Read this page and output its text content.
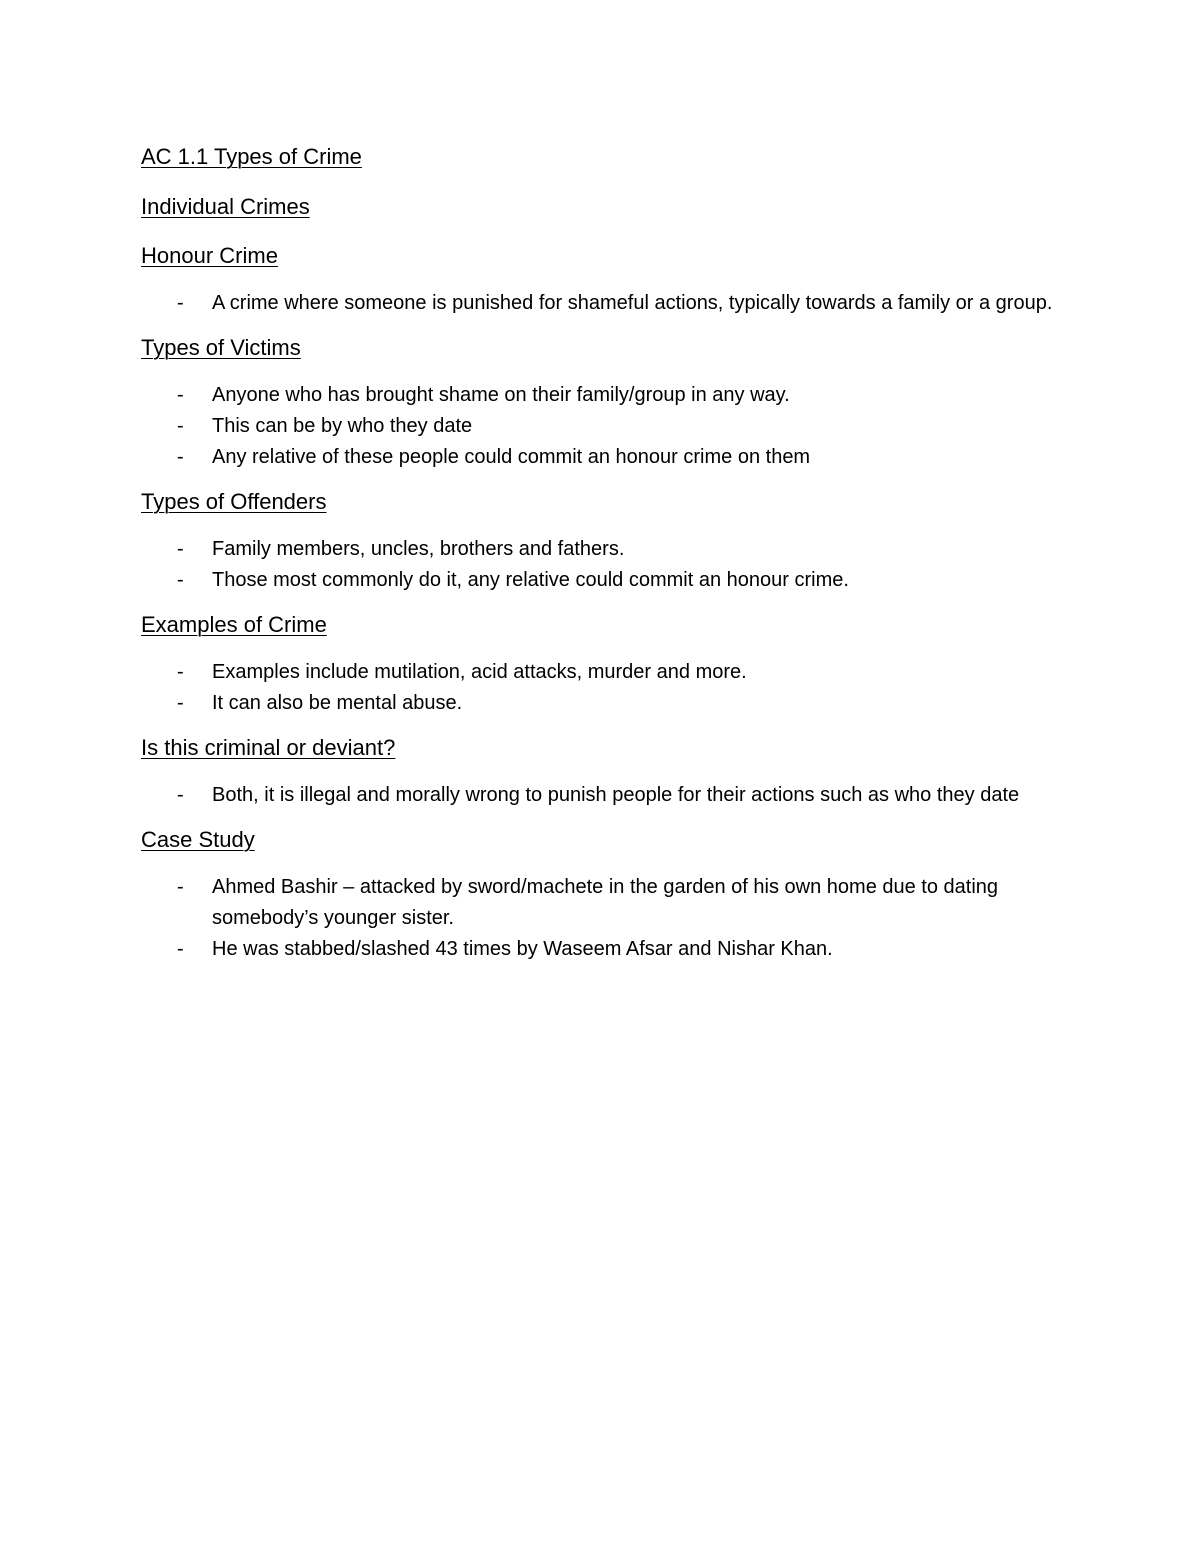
AC 1.1 Types of Crime
Individual Crimes
Honour Crime
- A crime where someone is punished for shameful actions, typically towards a family or a group.
Types of Victims
- Anyone who has brought shame on their family/group in any way.
- This can be by who they date
- Any relative of these people could commit an honour crime on them
Types of Offenders
- Family members, uncles, brothers and fathers.
- Those most commonly do it, any relative could commit an honour crime.
Examples of Crime
- Examples include mutilation, acid attacks, murder and more.
- It can also be mental abuse.
Is this criminal or deviant?
- Both, it is illegal and morally wrong to punish people for their actions such as who they date
Case Study
- Ahmed Bashir – attacked by sword/machete in the garden of his own home due to dating somebody’s younger sister.
- He was stabbed/slashed 43 times by Waseem Afsar and Nishar Khan.
